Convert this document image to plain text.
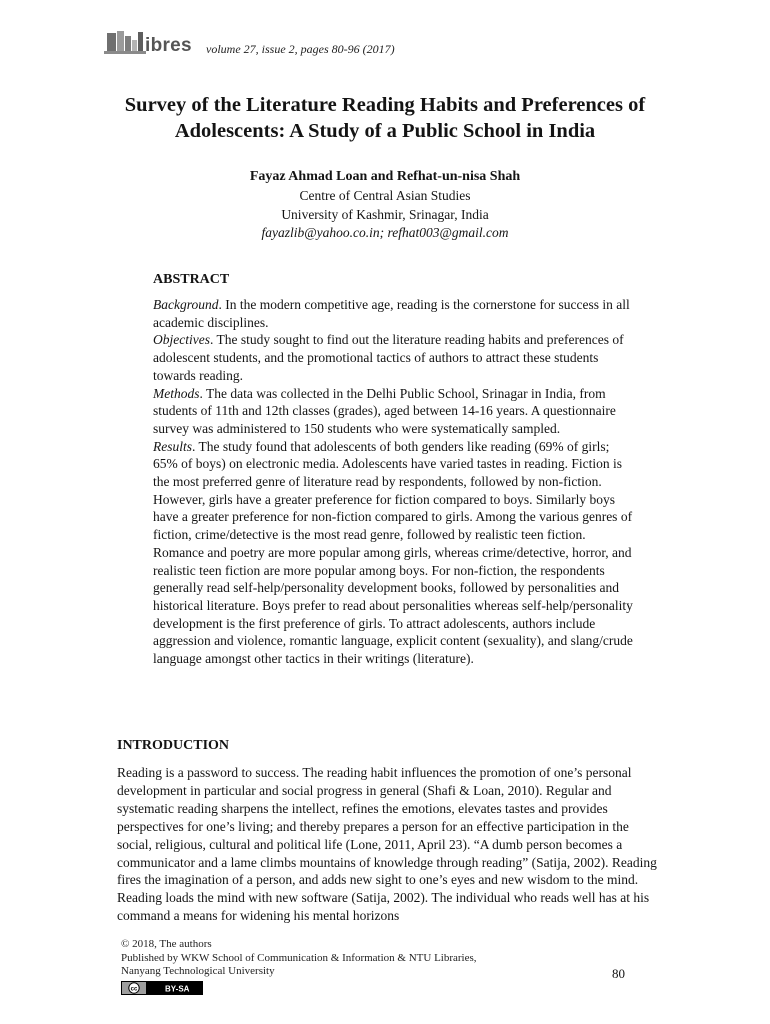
ibres volume 27, issue 2, pages 80-96 (2017)
Survey of the Literature Reading Habits and Preferences of
Adolescents: A Study of a Public School in India
Fayaz Ahmad Loan and Refhat-un-nisa Shah
Centre of Central Asian Studies
University of Kashmir, Srinagar, India
fayazlib@yahoo.co.in; refhat003@gmail.com
ABSTRACT

Background. In the modern competitive age, reading is the cornerstone for success in all academic disciplines.

Objectives. The study sought to find out the literature reading habits and preferences of adolescent students, and the promotional tactics of authors to attract these students towards reading.

Methods. The data was collected in the Delhi Public School, Srinagar in India, from students of 11th and 12th classes (grades), aged between 14-16 years. A questionnaire survey was administered to 150 students who were systematically sampled.

Results. The study found that adolescents of both genders like reading (69% of girls; 65% of boys) on electronic media. Adolescents have varied tastes in reading. Fiction is the most preferred genre of literature read by respondents, followed by non-fiction. However, girls have a greater preference for fiction compared to boys. Similarly boys have a greater preference for non-fiction compared to girls. Among the various genres of fiction, crime/detective is the most read genre, followed by realistic teen fiction. Romance and poetry are more popular among girls, whereas crime/detective, horror, and realistic teen fiction are more popular among boys. For non-fiction, the respondents generally read self-help/personality development books, followed by personalities and historical literature. Boys prefer to read about personalities whereas self-help/personality development is the first preference of girls. To attract adolescents, authors include aggression and violence, romantic language, explicit content (sexuality), and slang/crude language amongst other tactics in their writings (literature).

INTRODUCTION

Reading is a password to success. The reading habit influences the promotion of one’s personal development in particular and social progress in general (Shafi & Loan, 2010). Regular and systematic reading sharpens the intellect, refines the emotions, elevates tastes and provides perspectives for one’s living; and thereby prepares a person for an effective participation in the social, religious, cultural and political life (Lone, 2011, April 23). “A dumb person becomes a communicator and a lame climbs mountains of knowledge through reading” (Satija, 2002). Reading fires the imagination of a person, and adds new sight to one’s eyes and new wisdom to the mind. Reading loads the mind with new software (Satija, 2002). The individual who reads well has at his command a means for widening his mental horizons

© 2018, The authors
Published by WKW School of Communication & Information & NTU Libraries,
Nanyang Technological University	80
cc	BY-SA
